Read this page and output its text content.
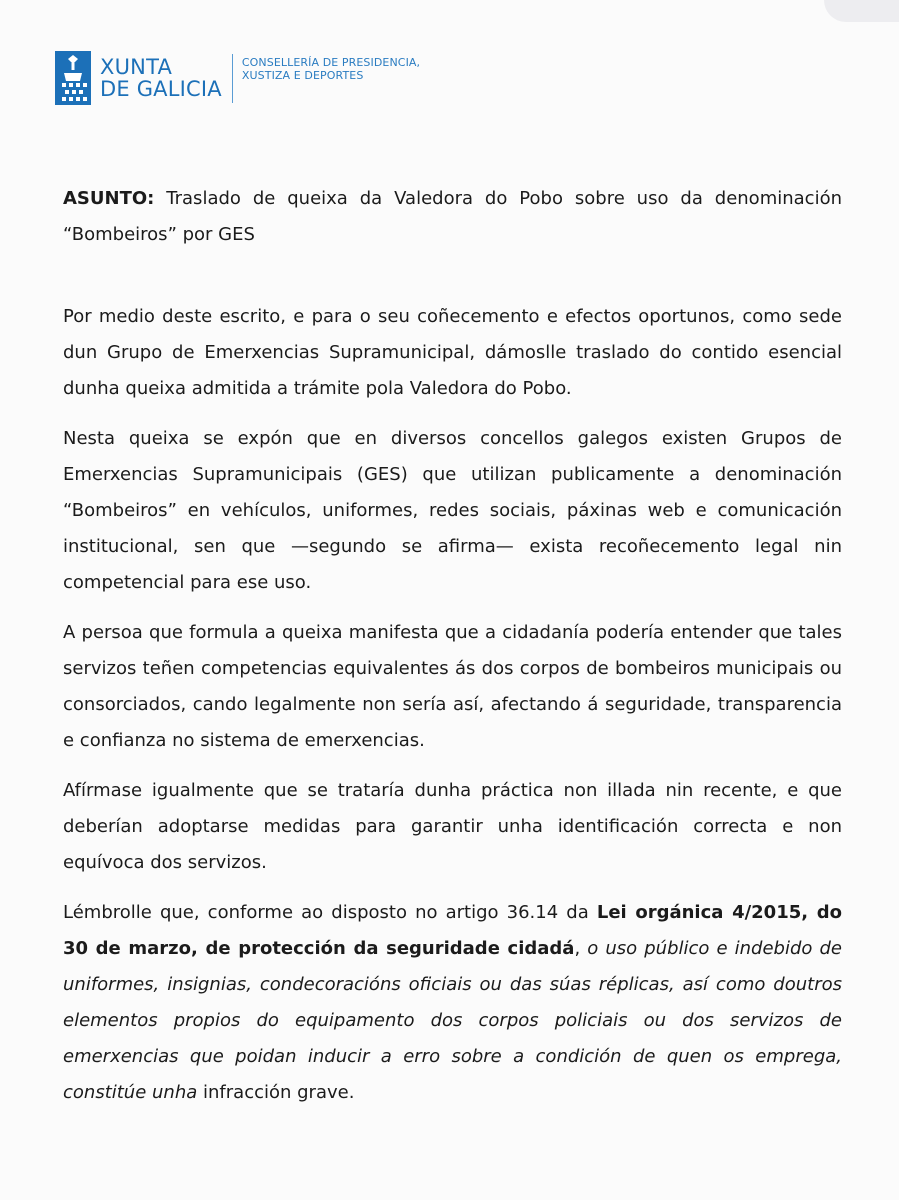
XUNTA
DE GALICIA
CONSELLERÍA DE PRESIDENCIA,
XUSTIZA E DEPORTES

ASUNTO: Traslado de queixa da Valedora do Pobo sobre uso da denominación “Bombeiros” por GES

Por medio deste escrito, e para o seu coñecemento e efectos oportunos, como sede dun Grupo de Emerxencias Supramunicipal, dámoslle traslado do contido esencial dunha queixa admitida a trámite pola Valedora do Pobo.

Nesta queixa se expón que en diversos concellos galegos existen Grupos de Emerxencias Supramunicipais (GES) que utilizan publicamente a denominación “Bombeiros” en vehículos, uniformes, redes sociais, páxinas web e comunicación institucional, sen que —segundo se afirma— exista recoñecemento legal nin competencial para ese uso.

A persoa que formula a queixa manifesta que a cidadanía podería entender que tales servizos teñen competencias equivalentes ás dos corpos de bombeiros municipais ou consorciados, cando legalmente non sería así, afectando á seguridade, transparencia e confianza no sistema de emerxencias.

Afírmase igualmente que se trataría dunha práctica non illada nin recente, e que deberían adoptarse medidas para garantir unha identificación correcta e non equívoca dos servizos.

Lémbrolle que, conforme ao disposto no artigo 36.14 da Lei orgánica 4/2015, do 30 de marzo, de protección da seguridade cidadá, o uso público e indebido de uniformes, insignias, condecoracións oficiais ou das súas réplicas, así como doutros elementos propios do equipamento dos corpos policiais ou dos servizos de emerxencias que poidan inducir a erro sobre a condición de quen os emprega, constitúe unha infracción grave.
